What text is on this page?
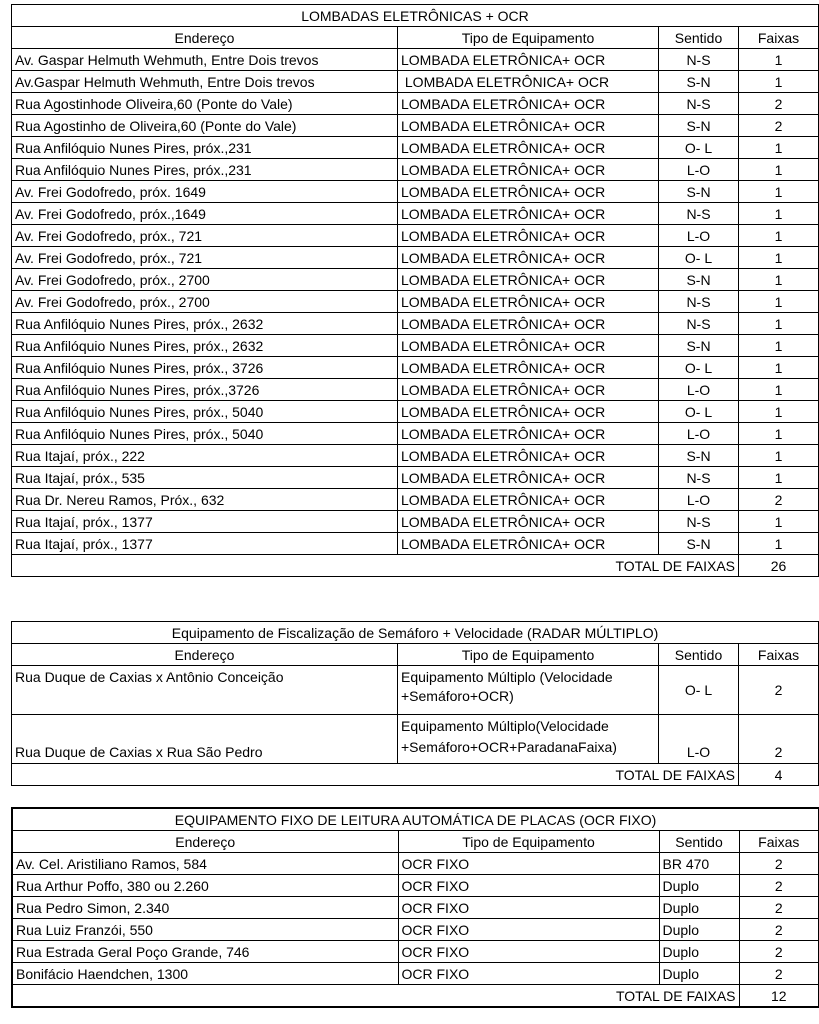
LOMBADAS ELETRÔNICAS + OCR			
Endereço	Tipo de Equipamento	Sentido	Faixas
Av. Gaspar Helmuth Wehmuth, Entre Dois trevos	LOMBADA ELETRÔNICA+ OCR	N-S	1
Av.Gaspar Helmuth Wehmuth, Entre Dois trevos	LOMBADA ELETRÔNICA+ OCR	S-N	1
Rua Agostinhode Oliveira,60 (Ponte do Vale)	LOMBADA ELETRÔNICA+ OCR	N-S	2
Rua Agostinho de Oliveira,60 (Ponte do Vale)	LOMBADA ELETRÔNICA+ OCR	S-N	2
Rua Anfilóquio Nunes Pires, próx.,231	LOMBADA ELETRÔNICA+ OCR	O- L	1
Rua Anfilóquio Nunes Pires, próx.,231	LOMBADA ELETRÔNICA+ OCR	L-O	1
Av. Frei Godofredo, próx. 1649	LOMBADA ELETRÔNICA+ OCR	S-N	1
Av. Frei Godofredo, próx.,1649	LOMBADA ELETRÔNICA+ OCR	N-S	1
Av. Frei Godofredo, próx., 721	LOMBADA ELETRÔNICA+ OCR	L-O	1
Av. Frei Godofredo, próx., 721	LOMBADA ELETRÔNICA+ OCR	O- L	1
Av. Frei Godofredo, próx., 2700	LOMBADA ELETRÔNICA+ OCR	S-N	1
Av. Frei Godofredo, próx., 2700	LOMBADA ELETRÔNICA+ OCR	N-S	1
Rua Anfilóquio Nunes Pires, próx., 2632	LOMBADA ELETRÔNICA+ OCR	N-S	1
Rua Anfilóquio Nunes Pires, próx., 2632	LOMBADA ELETRÔNICA+ OCR	S-N	1
Rua Anfilóquio Nunes Pires, próx., 3726	LOMBADA ELETRÔNICA+ OCR	O- L	1
Rua Anfilóquio Nunes Pires, próx.,3726	LOMBADA ELETRÔNICA+ OCR	L-O	1
Rua Anfilóquio Nunes Pires, próx., 5040	LOMBADA ELETRÔNICA+ OCR	O- L	1
Rua Anfilóquio Nunes Pires, próx., 5040	LOMBADA ELETRÔNICA+ OCR	L-O	1
Rua Itajaí, próx., 222	LOMBADA ELETRÔNICA+ OCR	S-N	1
Rua Itajaí, próx., 535	LOMBADA ELETRÔNICA+ OCR	N-S	1
Rua Dr. Nereu Ramos, Próx., 632	LOMBADA ELETRÔNICA+ OCR	L-O	2
Rua Itajaí, próx., 1377	LOMBADA ELETRÔNICA+ OCR	N-S	1
Rua Itajaí, próx., 1377	LOMBADA ELETRÔNICA+ OCR	S-N	1
TOTAL DE FAIXAS			26
Equipamento de Fiscalização de Semáforo + Velocidade (RADAR MÚLTIPLO)			
Endereço	Tipo de Equipamento	Sentido	Faixas
Rua Duque de Caxias x Antônio Conceição	Equipamento Múltiplo (Velocidade
+Semáforo+OCR)	O- L	2
Rua Duque de Caxias x Rua São Pedro	Equipamento Múltiplo(Velocidade
+Semáforo+OCR+ParadanaFaixa)	L-O	2
TOTAL DE FAIXAS			4
EQUIPAMENTO FIXO DE LEITURA AUTOMÁTICA DE PLACAS (OCR FIXO)			
Endereço	Tipo de Equipamento	Sentido	Faixas
Av. Cel. Aristiliano Ramos, 584	OCR FIXO	BR 470	2
Rua Arthur Poffo, 380 ou 2.260	OCR FIXO	Duplo	2
Rua Pedro Simon, 2.340	OCR FIXO	Duplo	2
Rua Luiz Franzói, 550	OCR FIXO	Duplo	2
Rua Estrada Geral Poço Grande, 746	OCR FIXO	Duplo	2
Bonifácio Haendchen, 1300	OCR FIXO	Duplo	2
TOTAL DE FAIXAS			12
